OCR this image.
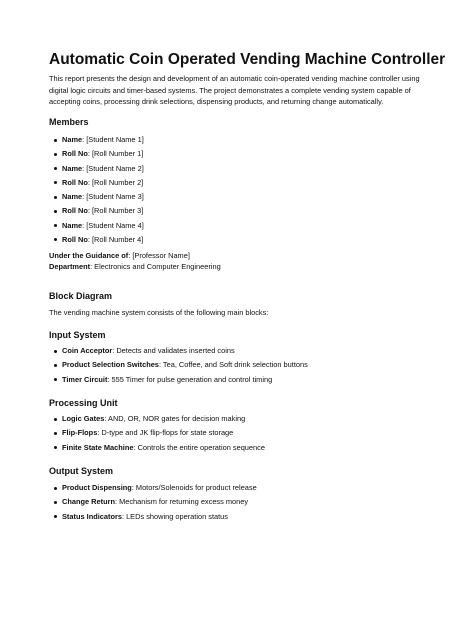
Automatic Coin Operated Vending Machine Controller

This report presents the design and development of an automatic coin-operated vending machine controller using digital logic circuits and timer-based systems. The project demonstrates a complete vending system capable of accepting coins, processing drink selections, dispensing products, and returning change automatically.

Members
Name: [Student Name 1]
Roll No: [Roll Number 1]
Name: [Student Name 2]
Roll No: [Roll Number 2]
Name: [Student Name 3]
Roll No: [Roll Number 3]
Name: [Student Name 4]
Roll No: [Roll Number 4]

Under the Guidance of: [Professor Name]

Department: Electronics and Computer Engineering

Block Diagram

The vending machine system consists of the following main blocks:

Input System
Coin Acceptor: Detects and validates inserted coins
Product Selection Switches: Tea, Coffee, and Soft drink selection buttons
Timer Circuit: 555 Timer for pulse generation and control timing
Processing Unit
Logic Gates: AND, OR, NOR gates for decision making
Flip-Flops: D-type and JK flip-flops for state storage
Finite State Machine: Controls the entire operation sequence
Output System
Product Dispensing: Motors/Solenoids for product release
Change Return: Mechanism for returning excess money
Status Indicators: LEDs showing operation status
